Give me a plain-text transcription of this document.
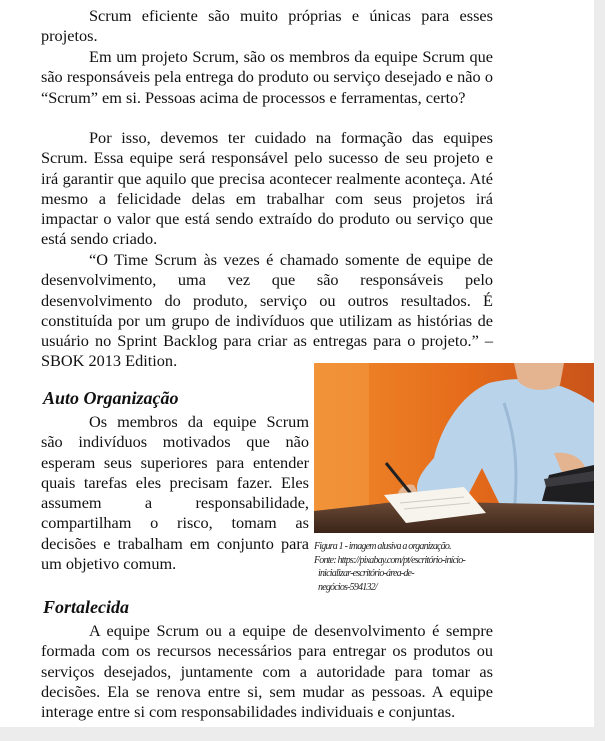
Scrum eficiente são muito próprias e únicas para esses projetos.

Em um projeto Scrum, são os membros da equipe Scrum que são responsáveis pela entrega do produto ou serviço desejado e não o “Scrum” em si. Pessoas acima de processos e ferramentas, certo?

Por isso, devemos ter cuidado na formação das equipes Scrum. Essa equipe será responsável pelo sucesso de seu projeto e irá garantir que aquilo que precisa acontecer realmente aconteça. Até mesmo a felicidade delas em trabalhar com seus projetos irá impactar o valor que está sendo extraído do produto ou serviço que está sendo criado.

“O Time Scrum às vezes é chamado somente de equipe de desenvolvimento, uma vez que são responsáveis pelo desenvolvimento do produto, serviço ou outros resultados. É constituída por um grupo de indivíduos que utilizam as histórias de usuário no Sprint Backlog para criar as entregas para o projeto.” – SBOK 2013 Edition.

Auto Organização

Os membros da equipe Scrum são indivíduos motivados que não esperam seus superiores para entender quais tarefas eles precisam fazer. Eles assumem a responsabilidade, compartilham o risco, tomam as decisões e trabalham em conjunto para um objetivo comum.

Figura 1 - imagem alusiva a organização.
Fonte: https://pixabay.com/pt/escritório-início-
inicializar-escritório-área-de-
negócios-594132/

Fortalecida

A equipe Scrum ou a equipe de desenvolvimento é sempre formada com os recursos necessários para entregar os produtos ou serviços desejados, juntamente com a autoridade para tomar as decisões. Ela se renova entre si, sem mudar as pessoas. A equipe interage entre si com responsabilidades individuais e conjuntas.
